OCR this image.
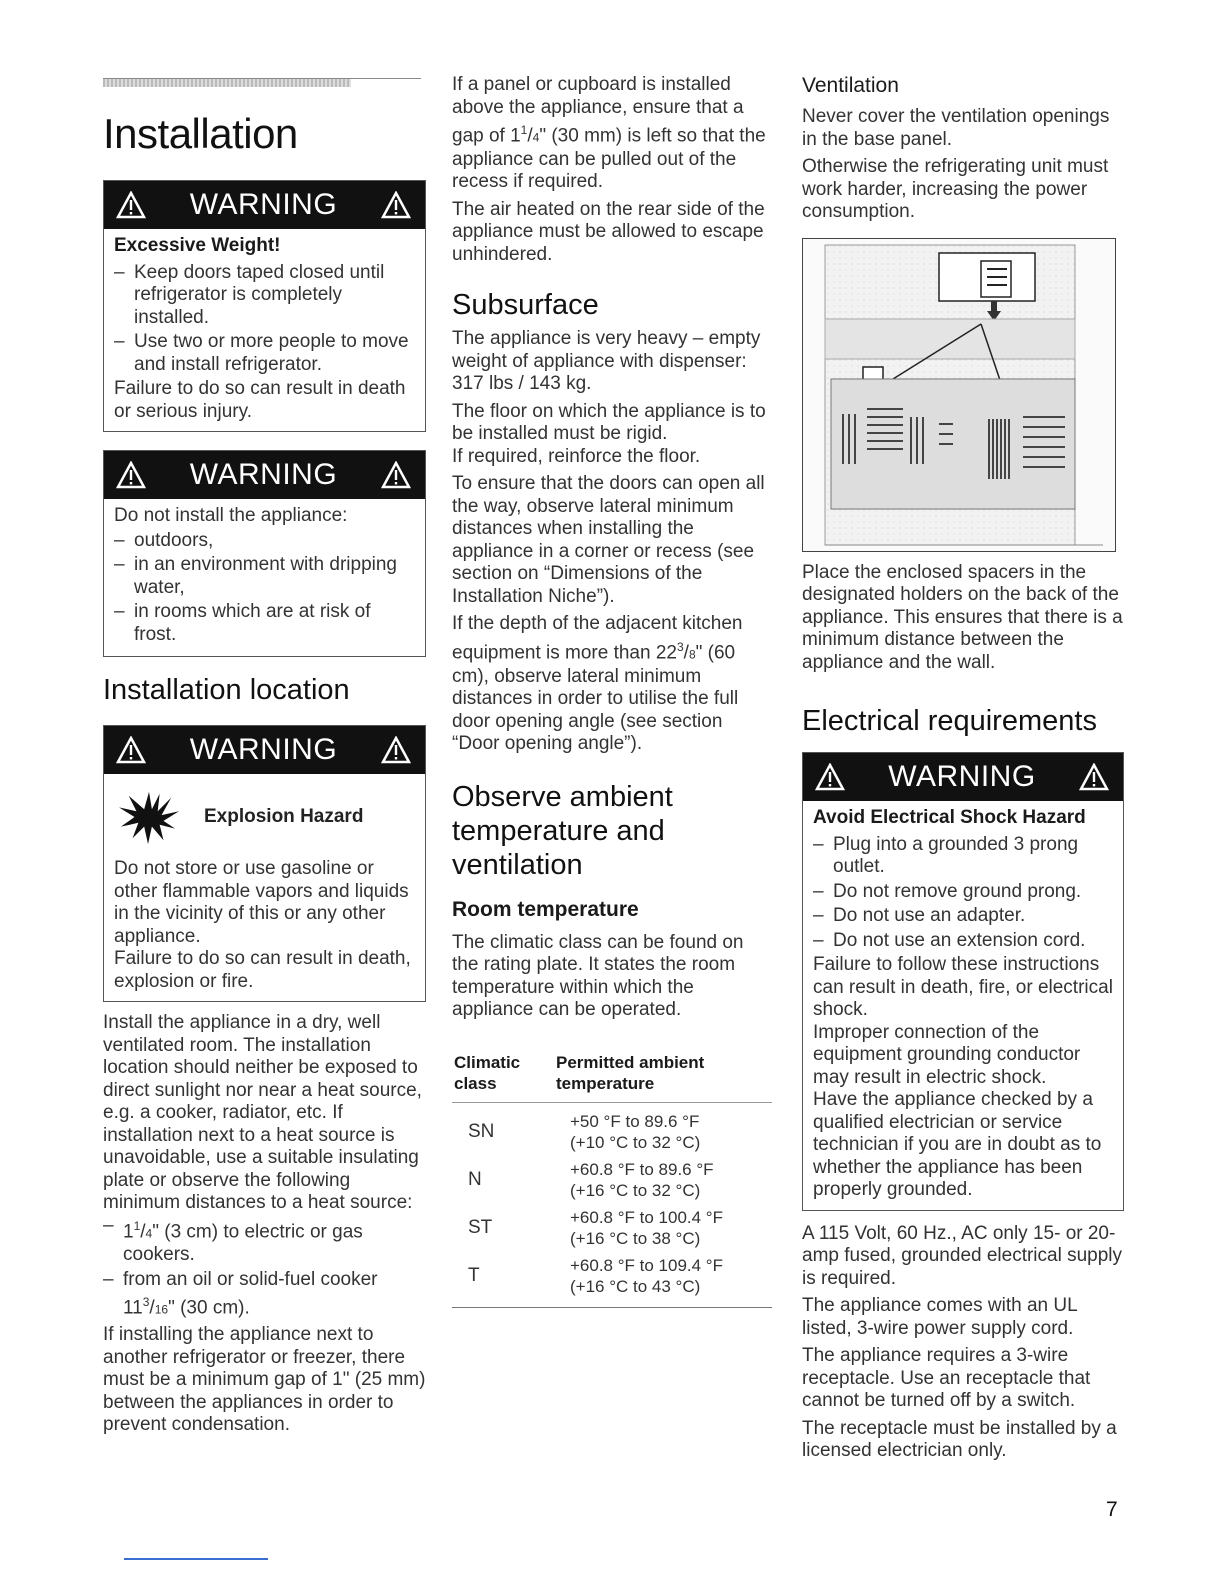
Installation
WARNING
Excessive Weight!
– Keep doors taped closed until refrigerator is completely installed.
– Use two or more people to move and install refrigerator.

Failure to do so can result in death or serious injury.

WARNING

Do not install the appliance:

– outdoors,
– in an environment with dripping water,
– in rooms which are at risk of frost.
Installation location
WARNING
Explosion Hazard

Do not store or use gasoline or other flammable vapors and liquids in the vicinity of this or any other appliance.

Failure to do so can result in death, explosion or fire.

Install the appliance in a dry, well ventilated room. The installation location should neither be exposed to direct sunlight nor near a heat source, e.g. a cooker, radiator, etc. If installation next to a heat source is unavoidable, use a suitable insulating plate or observe the following minimum distances to a heat source:

– $1^1/4$" (3 cm) to electric or gas cookers.
– from an oil or solid-fuel cooker $11^3/16$" (30 cm).

If installing the appliance next to another refrigerator or freezer, there must be a minimum gap of 1" (25 mm) between the appliances in order to prevent condensation.

If a panel or cupboard is installed above the appliance, ensure that a gap of $1^1/4$" (30 mm) is left so that the appliance can be pulled out of the recess if required.

The air heated on the rear side of the appliance must be allowed to escape unhindered.

Subsurface

The appliance is very heavy – empty weight of appliance with dispenser: 317 lbs / 143 kg.

The floor on which the appliance is to be installed must be rigid.

If required, reinforce the floor.

To ensure that the doors can open all the way, observe lateral minimum distances when installing the appliance in a corner or recess (see section on “Dimensions of the Installation Niche”).

If the depth of the adjacent kitchen equipment is more than $22^3/8$" (60 cm), observe lateral minimum distances in order to utilise the full door opening angle (see section “Door opening angle”).

Observe ambient temperature and ventilation
Room temperature

The climatic class can be found on the rating plate. It states the room temperature within which the appliance can be operated.

Climatic class	Permitted ambient temperature
SN	+50 °F to 89.6 °F
(+10 °C to 32 °C)

N	+60.8 °F to 89.6 °F
(+16 °C to 32 °C)

ST	+60.8 °F to 100.4 °F
(+16 °C to 38 °C)

T	+60.8 °F to 109.4 °F
(+16 °C to 43 °C)
Ventilation

Never cover the ventilation openings in the base panel.

Otherwise the refrigerating unit must work harder, increasing the power consumption.

Place the enclosed spacers in the designated holders on the back of the appliance. This ensures that there is a minimum distance between the appliance and the wall.

Electrical requirements
WARNING
Avoid Electrical Shock Hazard
– Plug into a grounded 3 prong outlet.
– Do not remove ground prong.
– Do not use an adapter.
– Do not use an extension cord.

Failure to follow these instructions can result in death, fire, or electrical shock.

Improper connection of the equipment grounding conductor may result in electric shock.

Have the appliance checked by a qualified electrician or service technician if you are in doubt as to whether the appliance has been properly grounded.

A 115 Volt, 60 Hz., AC only 15- or 20-amp fused, grounded electrical supply is required.

The appliance comes with an UL listed, 3-wire power supply cord.

The appliance requires a 3-wire receptacle. Use an receptacle that cannot be turned off by a switch.

The receptacle must be installed by a licensed electrician only.

7
